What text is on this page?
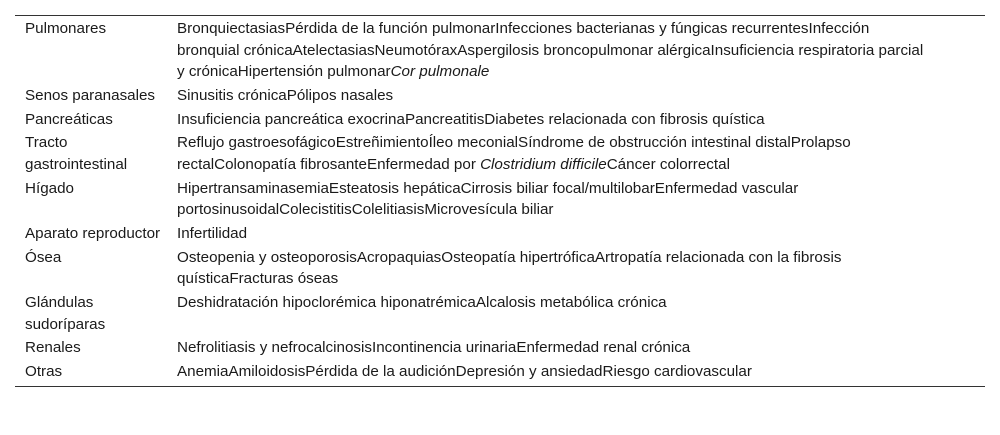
Pulmonares	BronquiectasiasPérdida de la función pulmonarInfecciones bacterianas y fúngicas recurrentesInfección bronquial crónicaAtelectasiasNeumotóraxAspergilosis broncopulmonar alérgicaInsuficiencia respiratoria parcial y crónicaHipertensión pulmonarCor pulmonale
Senos paranasales	Sinusitis crónicaPólipos nasales
Pancreáticas	Insuficiencia pancreática exocrinaPancreatitisDiabetes relacionada con fibrosis quística
Tracto gastrointestinal	Reflujo gastroesofágicoEstreñimientoÍleo meconialSíndrome de obstrucción intestinal distalProlapso rectalColonopatía fibrosanteEnfermedad por Clostridium difficileCáncer colorrectal
Hígado	HipertransaminasemiaEsteatosis hepáticaCirrosis biliar focal/multilobarEnfermedad vascular portosinusoidalColecistitisColelitiasisMicrovesícula biliar
Aparato reproductor	Infertilidad
Ósea	Osteopenia y osteoporosisAcropaquiasOsteopatía hipertróficaArtropatía relacionada con la fibrosis quísticaFracturas óseas
Glándulas sudoríparas	Deshidratación hipoclorémica hiponatrémicaAlcalosis metabólica crónica
Renales	Nefrolitiasis y nefrocalcinosisIncontinencia urinariaEnfermedad renal crónica
Otras	AnemiaAmiloidosisPérdida de la audiciónDepresión y ansiedadRiesgo cardiovascular
